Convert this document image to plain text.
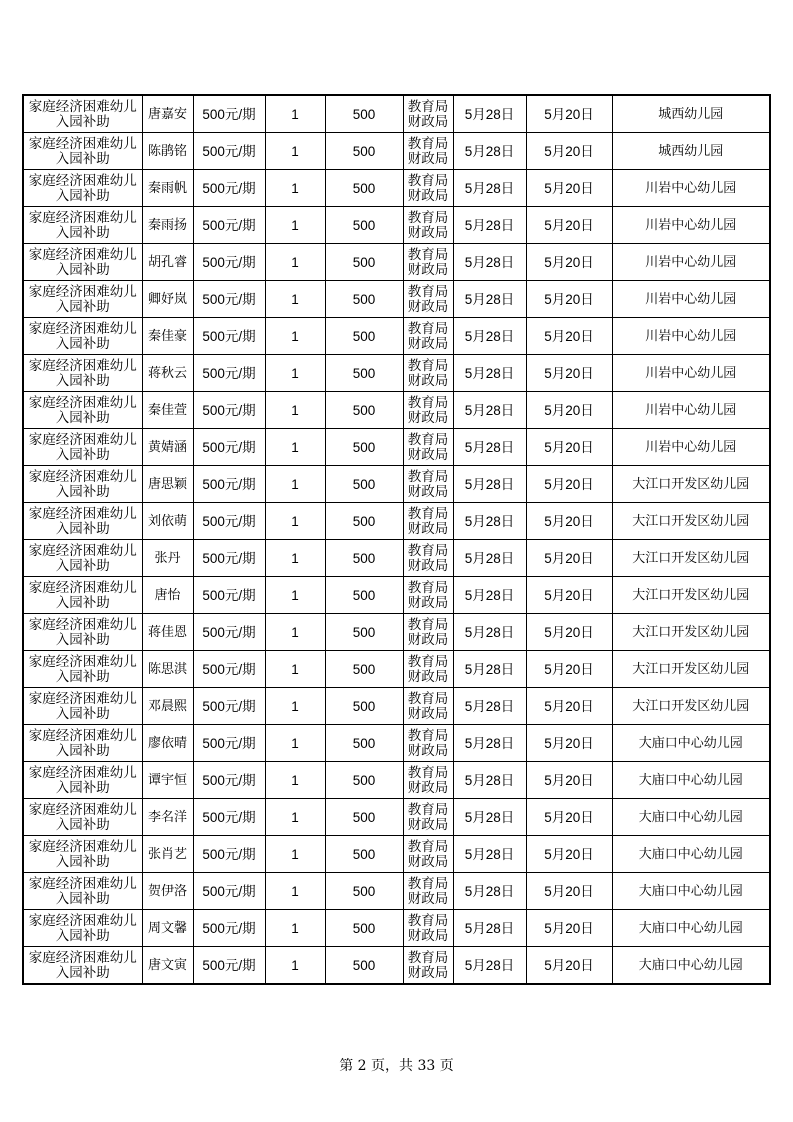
家庭经济困难幼儿入园补助	唐嘉安	500元/期	1	500	教育局财政局	5月28日	5月20日	城西幼儿园
家庭经济困难幼儿入园补助	陈鹃铭	500元/期	1	500	教育局财政局	5月28日	5月20日	城西幼儿园
家庭经济困难幼儿入园补助	秦雨帆	500元/期	1	500	教育局财政局	5月28日	5月20日	川岩中心幼儿园
家庭经济困难幼儿入园补助	秦雨扬	500元/期	1	500	教育局财政局	5月28日	5月20日	川岩中心幼儿园
家庭经济困难幼儿入园补助	胡孔睿	500元/期	1	500	教育局财政局	5月28日	5月20日	川岩中心幼儿园
家庭经济困难幼儿入园补助	卿妤岚	500元/期	1	500	教育局财政局	5月28日	5月20日	川岩中心幼儿园
家庭经济困难幼儿入园补助	秦佳豪	500元/期	1	500	教育局财政局	5月28日	5月20日	川岩中心幼儿园
家庭经济困难幼儿入园补助	蒋秋云	500元/期	1	500	教育局财政局	5月28日	5月20日	川岩中心幼儿园
家庭经济困难幼儿入园补助	秦佳萱	500元/期	1	500	教育局财政局	5月28日	5月20日	川岩中心幼儿园
家庭经济困难幼儿入园补助	黄婧涵	500元/期	1	500	教育局财政局	5月28日	5月20日	川岩中心幼儿园
家庭经济困难幼儿入园补助	唐思颖	500元/期	1	500	教育局财政局	5月28日	5月20日	大江口开发区幼儿园
家庭经济困难幼儿入园补助	刘依萌	500元/期	1	500	教育局财政局	5月28日	5月20日	大江口开发区幼儿园
家庭经济困难幼儿入园补助	张丹	500元/期	1	500	教育局财政局	5月28日	5月20日	大江口开发区幼儿园
家庭经济困难幼儿入园补助	唐怡	500元/期	1	500	教育局财政局	5月28日	5月20日	大江口开发区幼儿园
家庭经济困难幼儿入园补助	蒋佳恩	500元/期	1	500	教育局财政局	5月28日	5月20日	大江口开发区幼儿园
家庭经济困难幼儿入园补助	陈思淇	500元/期	1	500	教育局财政局	5月28日	5月20日	大江口开发区幼儿园
家庭经济困难幼儿入园补助	邓晨熙	500元/期	1	500	教育局财政局	5月28日	5月20日	大江口开发区幼儿园
家庭经济困难幼儿入园补助	廖依晴	500元/期	1	500	教育局财政局	5月28日	5月20日	大庙口中心幼儿园
家庭经济困难幼儿入园补助	谭宇恒	500元/期	1	500	教育局财政局	5月28日	5月20日	大庙口中心幼儿园
家庭经济困难幼儿入园补助	李名洋	500元/期	1	500	教育局财政局	5月28日	5月20日	大庙口中心幼儿园
家庭经济困难幼儿入园补助	张肖艺	500元/期	1	500	教育局财政局	5月28日	5月20日	大庙口中心幼儿园
家庭经济困难幼儿入园补助	贺伊洛	500元/期	1	500	教育局财政局	5月28日	5月20日	大庙口中心幼儿园
家庭经济困难幼儿入园补助	周文馨	500元/期	1	500	教育局财政局	5月28日	5月20日	大庙口中心幼儿园
家庭经济困难幼儿入园补助	唐文寅	500元/期	1	500	教育局财政局	5月28日	5月20日	大庙口中心幼儿园
第 2 页，共 33 页
